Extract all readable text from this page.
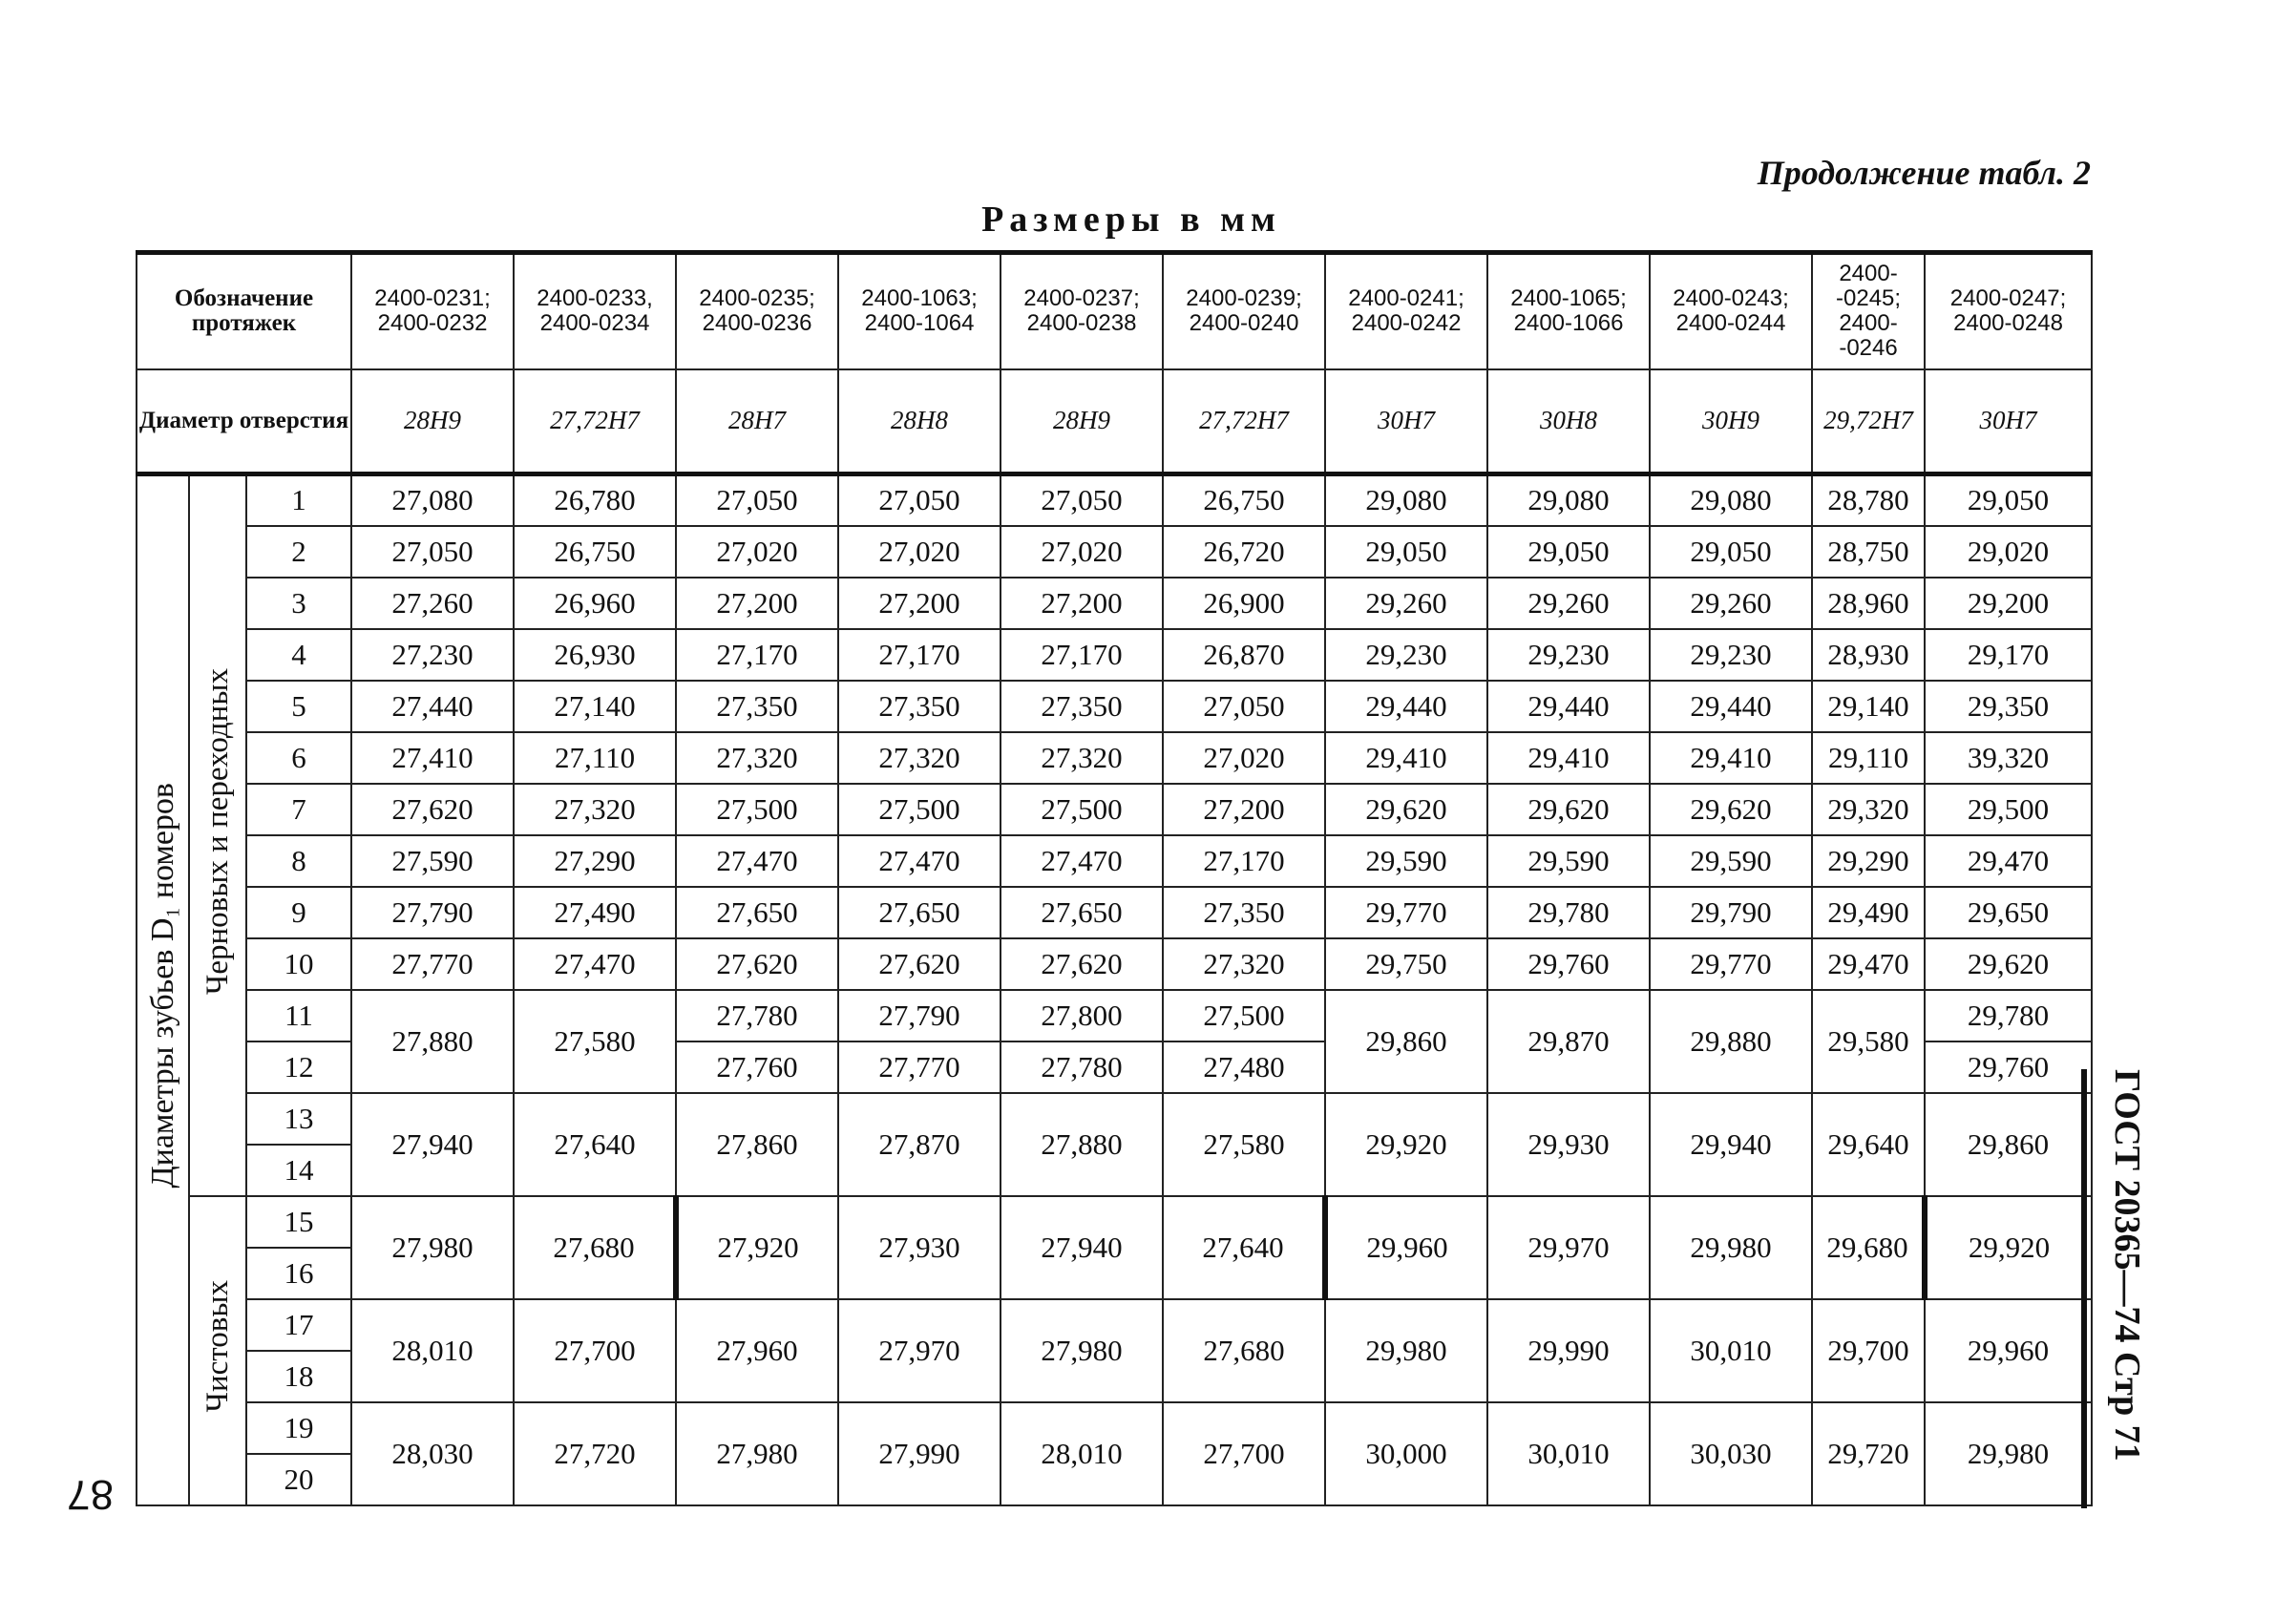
Продолжение табл. 2
Размеры в мм
Обозначение протяжек			2400-0231; 2400-0232	2400-0233, 2400-0234	2400-0235; 2400-0236	2400-1063; 2400-1064	2400-0237; 2400-0238	2400-0239; 2400-0240	2400-0241; 2400-0242	2400-1065; 2400-1066	2400-0243; 2400-0244	2400- -0245; 2400- -0246	2400-0247; 2400-0248
Диаметр отверстия			28H9	27,72H7	28H7	28H8	28H9	27,72H7	30H7	30H8	30H9	29,72H7	30H7
Диаметры зубьев D₁ номеров	Черновых и переходных	1	27,080	26,780	27,050	27,050	27,050	26,750	29,080	29,080	29,080	28,780	29,050
		2	27,050	26,750	27,020	27,020	27,020	26,720	29,050	29,050	29,050	28,750	29,020
		3	27,260	26,960	27,200	27,200	27,200	26,900	29,260	29,260	29,260	28,960	29,200
		4	27,230	26,930	27,170	27,170	27,170	26,870	29,230	29,230	29,230	28,930	29,170
		5	27,440	27,140	27,350	27,350	27,350	27,050	29,440	29,440	29,440	29,140	29,350
		6	27,410	27,110	27,320	27,320	27,320	27,020	29,410	29,410	29,410	29,110	39,320
		7	27,620	27,320	27,500	27,500	27,500	27,200	29,620	29,620	29,620	29,320	29,500
		8	27,590	27,290	27,470	27,470	27,470	27,170	29,590	29,590	29,590	29,290	29,470
		9	27,790	27,490	27,650	27,650	27,650	27,350	29,770	29,780	29,790	29,490	29,650
		10	27,770	27,470	27,620	27,620	27,620	27,320	29,750	29,760	29,770	29,470	29,620
		11	27,880	27,580	27,780	27,790	27,800	27,500	29,860	29,870	29,880	29,580	29,780
		12			27,760	27,770	27,780	27,480					29,760
		13	27,940	27,640	27,860	27,870	27,880	27,580	29,920	29,930	29,940	29,640	29,860
		14											
	Чистовых	15	27,980	27,680	27,920	27,930	27,940	27,640	29,960	29,970	29,980	29,680	29,920
		16											
		17	28,010	27,700	27,960	27,970	27,980	27,680	29,980	29,990	30,010	29,700	29,960
		18											
		19	28,030	27,720	27,980	27,990	28,010	27,700	30,000	30,010	30,030	29,720	29,980
		20											
ГОСТ 20365—74 Стр 71
87
